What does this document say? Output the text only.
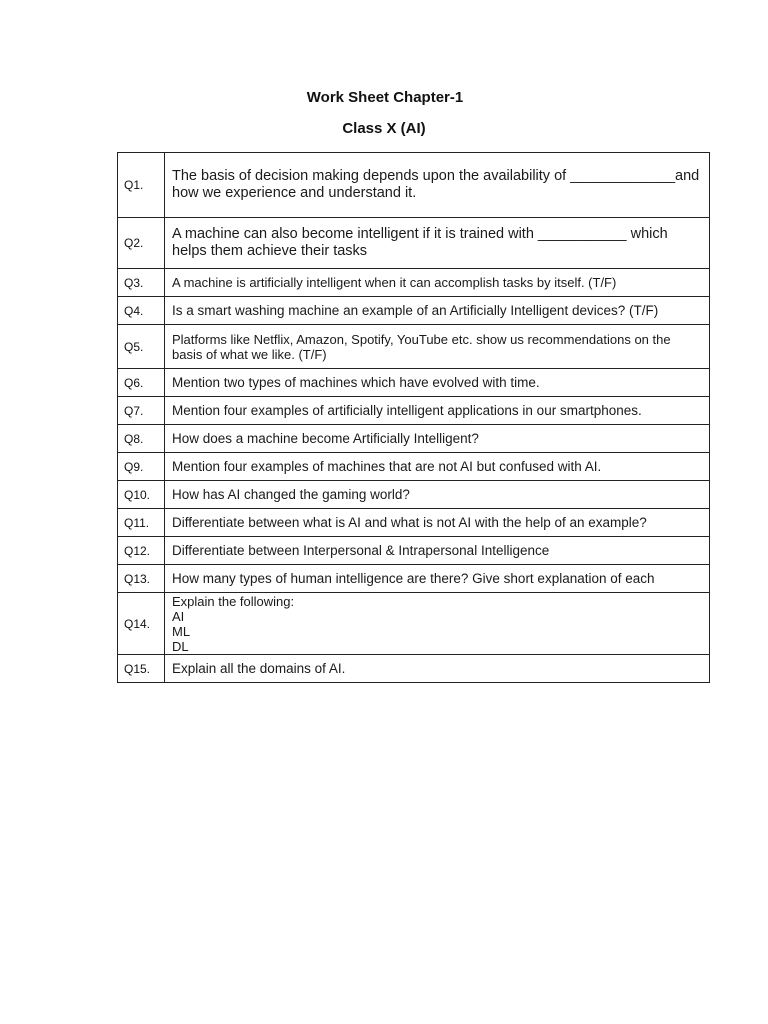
Work Sheet Chapter-1
Class X (AI)
Q1.	The basis of decision making depends upon the availability of _____________and how we experience and understand it.
Q2.	A machine can also become intelligent if it is trained with ___________ which helps them achieve their tasks
Q3.	A machine is artificially intelligent when it can accomplish tasks by itself. (T/F)
Q4.	Is a smart washing machine an example of an Artificially Intelligent devices? (T/F)
Q5.	Platforms like Netflix, Amazon, Spotify, YouTube etc. show us recommendations on the basis of what we like. (T/F)
Q6.	Mention two types of machines which have evolved with time.
Q7.	Mention four examples of artificially intelligent applications in our smartphones.
Q8.	How does a machine become Artificially Intelligent?
Q9.	Mention four examples of machines that are not AI but confused with AI.
Q10.	How has AI changed the gaming world?
Q11.	Differentiate between what is AI and what is not AI with the help of an example?
Q12.	Differentiate between Interpersonal & Intrapersonal Intelligence
Q13.	How many types of human intelligence are there? Give short explanation of each
Q14.	Explain the following:
AI
ML
DL

Q15.	Explain all the domains of AI.
